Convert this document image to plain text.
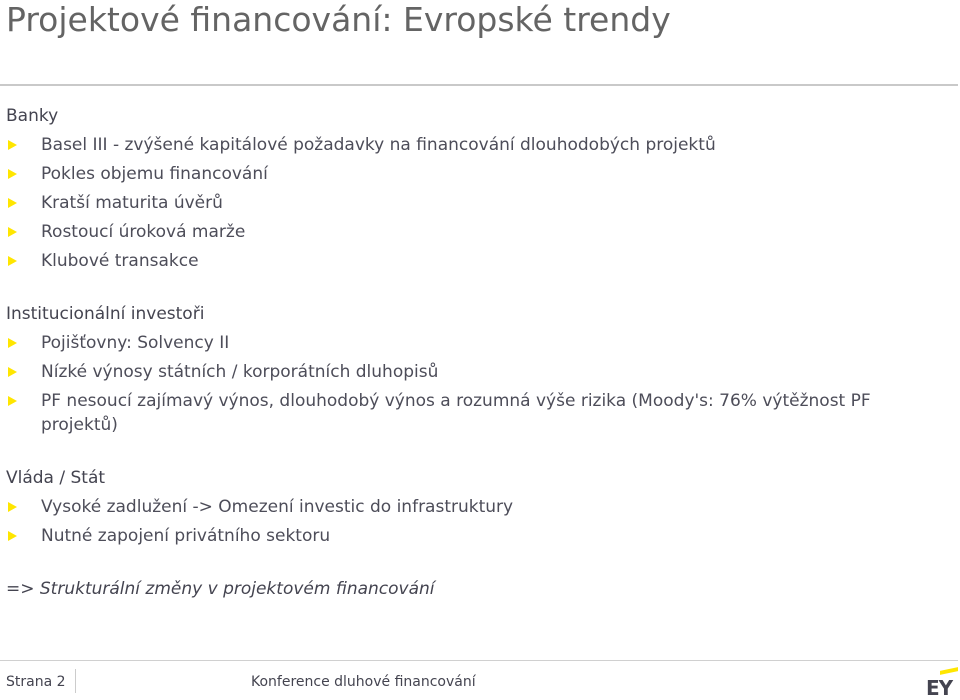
Projektové financování: Evropské trendy
Banky
Basel III - zvýšené kapitálové požadavky na financování dlouhodobých projektů
Pokles objemu financování
Kratší maturita úvěrů
Rostoucí úroková marže
Klubové transakce
Institucionální investoři
Pojišťovny: Solvency II
Nízké výnosy státních / korporátních dluhopisů
PF nesoucí zajímavý výnos, dlouhodobý výnos a rozumná výše rizika (Moody's: 76% výtěžnost PF projektů)
Vláda / Stát
Vysoké zadlužení -> Omezení investic do infrastruktury
Nutné zapojení privátního sektoru
=> Strukturální změny v projektovém financování
Strana 2	Konference dluhové financování	EY
